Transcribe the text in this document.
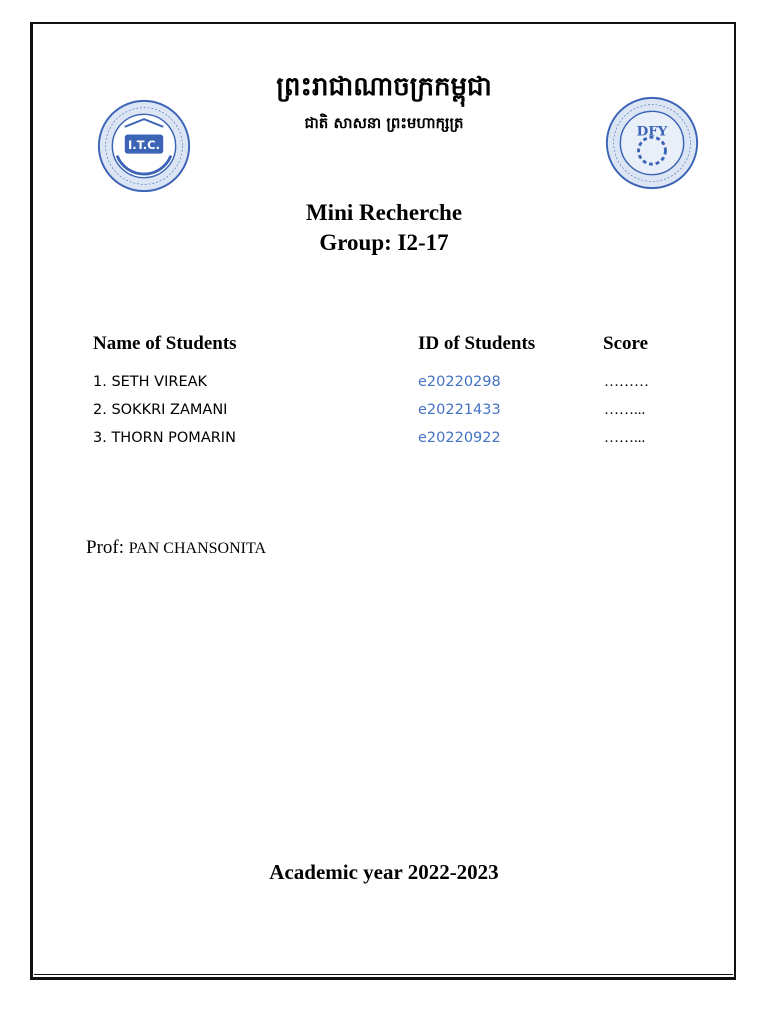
I.T.C.
DFY
ព្រះរាជាណាចក្រកម្ពុជា
ជាតិ សាសនា ព្រះមហាក្សត្រ
Mini Recherche
Group: I2-17
Name of Students	ID of Students	Score
1. SETH VIREAK	e20220298	………
2. SOKKRI ZAMANI	e20221433	……...
3. THORN POMARIN	e20220922	……...
Prof: PAN CHANSONITA
Academic year 2022-2023
